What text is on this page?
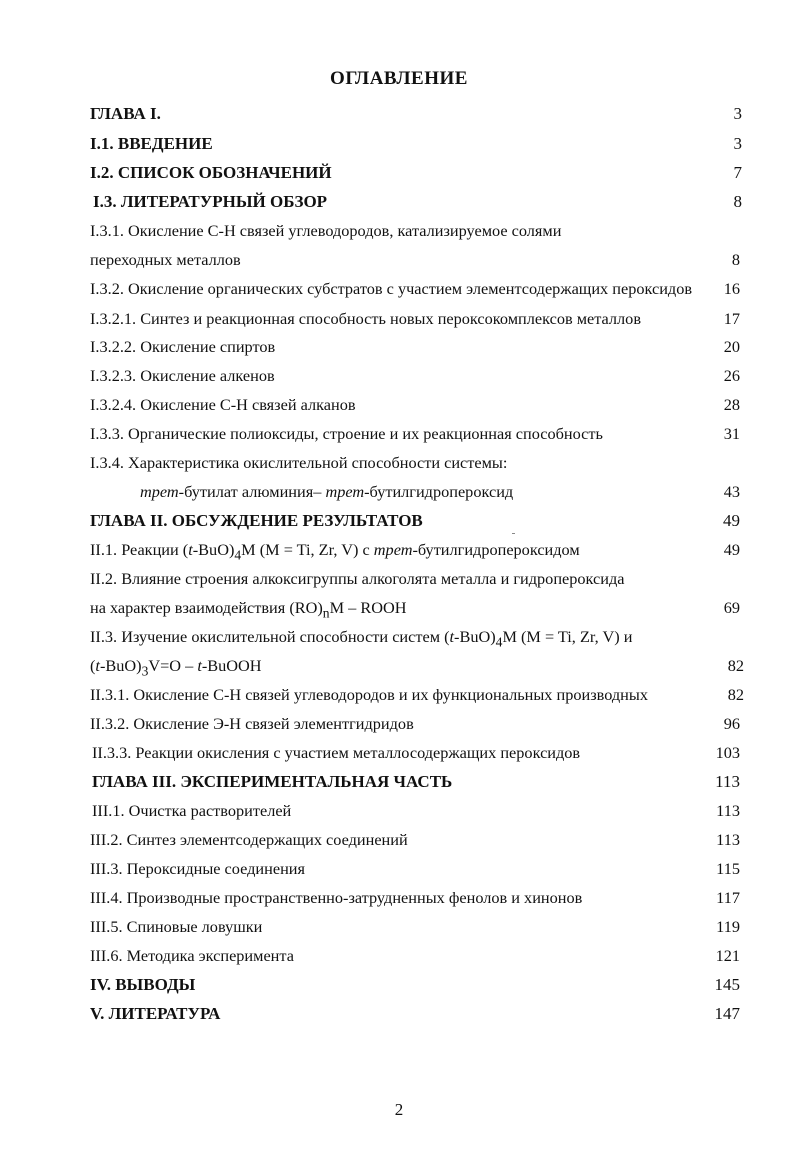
ОГЛАВЛЕНИЕ
ГЛАВА I.	3
I.1. ВВЕДЕНИЕ	3
I.2. СПИСОК ОБОЗНАЧЕНИЙ	7
I.3. ЛИТЕРАТУРНЫЙ ОБЗОР	8
I.3.1. Окисление С-Н связей углеводородов, катализируемое солями
переходных металлов	8
I.3.2. Окисление органических субстратов с участием элементсодержащих пероксидов 16
I.3.2.1. Синтез и реакционная способность новых пероксокомплексов металлов	17
I.3.2.2. Окисление спиртов	20
I.3.2.3. Окисление алкенов	26
I.3.2.4. Окисление С-Н связей алканов	28
I.3.3. Органические полиоксиды, строение и их реакционная способность	31
I.3.4. Характеристика окислительной способности системы:
трет-бутилат алюминия– трет-бутилгидропероксид	43
ГЛАВА II. ОБСУЖДЕНИЕ РЕЗУЛЬТАТОВ	49
II.1. Реакции $(t-BuO)_4M$ (M = Ti, Zr, V) с трет-бутилгидропероксидом	49
II.2. Влияние строения алкоксигруппы алкоголята металла и гидропероксида
на характер взаимодействия $(RO)_nM$ – ROOH	69
II.3. Изучение окислительной способности систем $(t-BuO)_4M$ (M = Ti, Zr, V) и
$(t-BuO)_3V=O$ – t-BuOOH	82
II.3.1. Окисление С-Н связей углеводородов и их функциональных производных	82
II.3.2. Окисление Э-Н связей элементгидридов	96
II.3.3. Реакции окисления с участием металлосодержащих пероксидов	103
ГЛАВА III. ЭКСПЕРИМЕНТАЛЬНАЯ ЧАСТЬ	113
III.1. Очистка растворителей	113
III.2. Синтез элементсодержащих соединений	113
III.3. Пероксидные соединения	115
III.4. Производные пространственно-затрудненных фенолов и хинонов	117
III.5. Спиновые ловушки	119
III.6. Методика эксперимента	121
IV. ВЫВОДЫ	145
V. ЛИТЕРАТУРА	147
2
